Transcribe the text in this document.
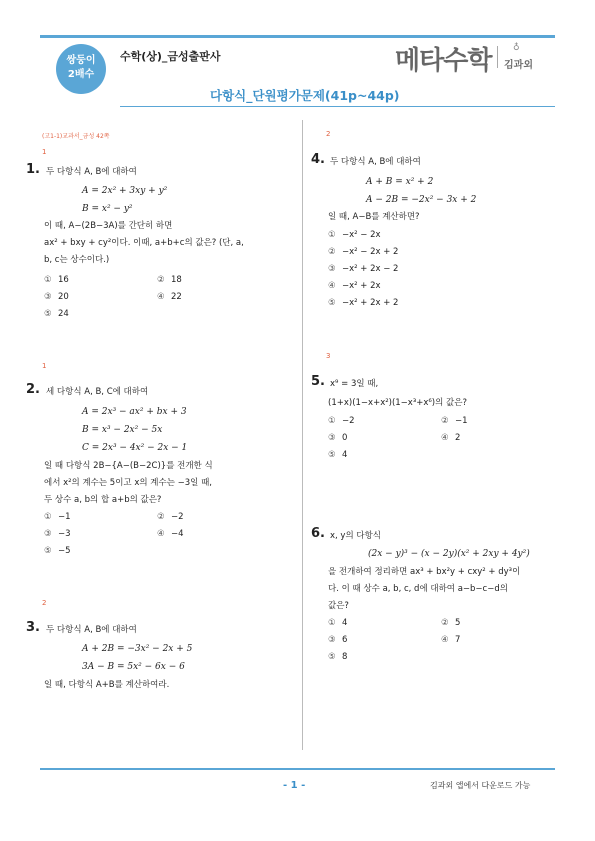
쌍둥이
2배수
수학(상)_금성출판사	메타수학 ♁
김과외
다항식_단원평가문제(41p~44p)
(고1-1)교과서_금성 42쪽
1
1. 두 다항식 A, B에 대하여
A = 2x² + 3xy + y²
B = x² − y²
이 때, A−(2B−3A)를 간단히 하면
ax² + bxy + cy²이다. 이때, a+b+c의 값은? (단, a,
b, c는 상수이다.)
① 16	② 18
③ 20	④ 22
⑤ 24
1
2. 세 다항식 A, B, C에 대하여
A = 2x³ − ax² + bx + 3
B = x³ − 2x² − 5x
C = 2x³ − 4x² − 2x − 1
일 때 다항식 2B−{A−(B−2C)}를 전개한 식
에서 x²의 계수는 5이고 x의 계수는 −3일 때,
두 상수 a, b의 합 a+b의 값은?
① −1	② −2
③ −3	④ −4
⑤ −5
2
3. 두 다항식 A, B에 대하여
A + 2B = −3x² − 2x + 5
3A − B = 5x² − 6x − 6
일 때, 다항식 A+B를 계산하여라.
2
4. 두 다항식 A, B에 대하여
A + B = x² + 2
A − 2B = −2x² − 3x + 2
일 때, A−B를 계산하면?
① −x² − 2x
② −x² − 2x + 2
③ −x² + 2x − 2
④ −x² + 2x
⑤ −x² + 2x + 2
3
5. x⁹ = 3일 때,
(1+x)(1−x+x²)(1−x³+x⁶)의 값은?
① −2	② −1
③ 0	④ 2
⑤ 4
6. x, y의 다항식
(2x − y)³ − (x − 2y)(x² + 2xy + 4y²)
을 전개하여 정리하면 ax³ + bx²y + cxy² + dy³이
다. 이 때 상수 a, b, c, d에 대하여 a−b−c−d의
값은?
① 4	② 5
③ 6	④ 7
⑤ 8
- 1 -	김과외 앱에서 다운로드 가능
